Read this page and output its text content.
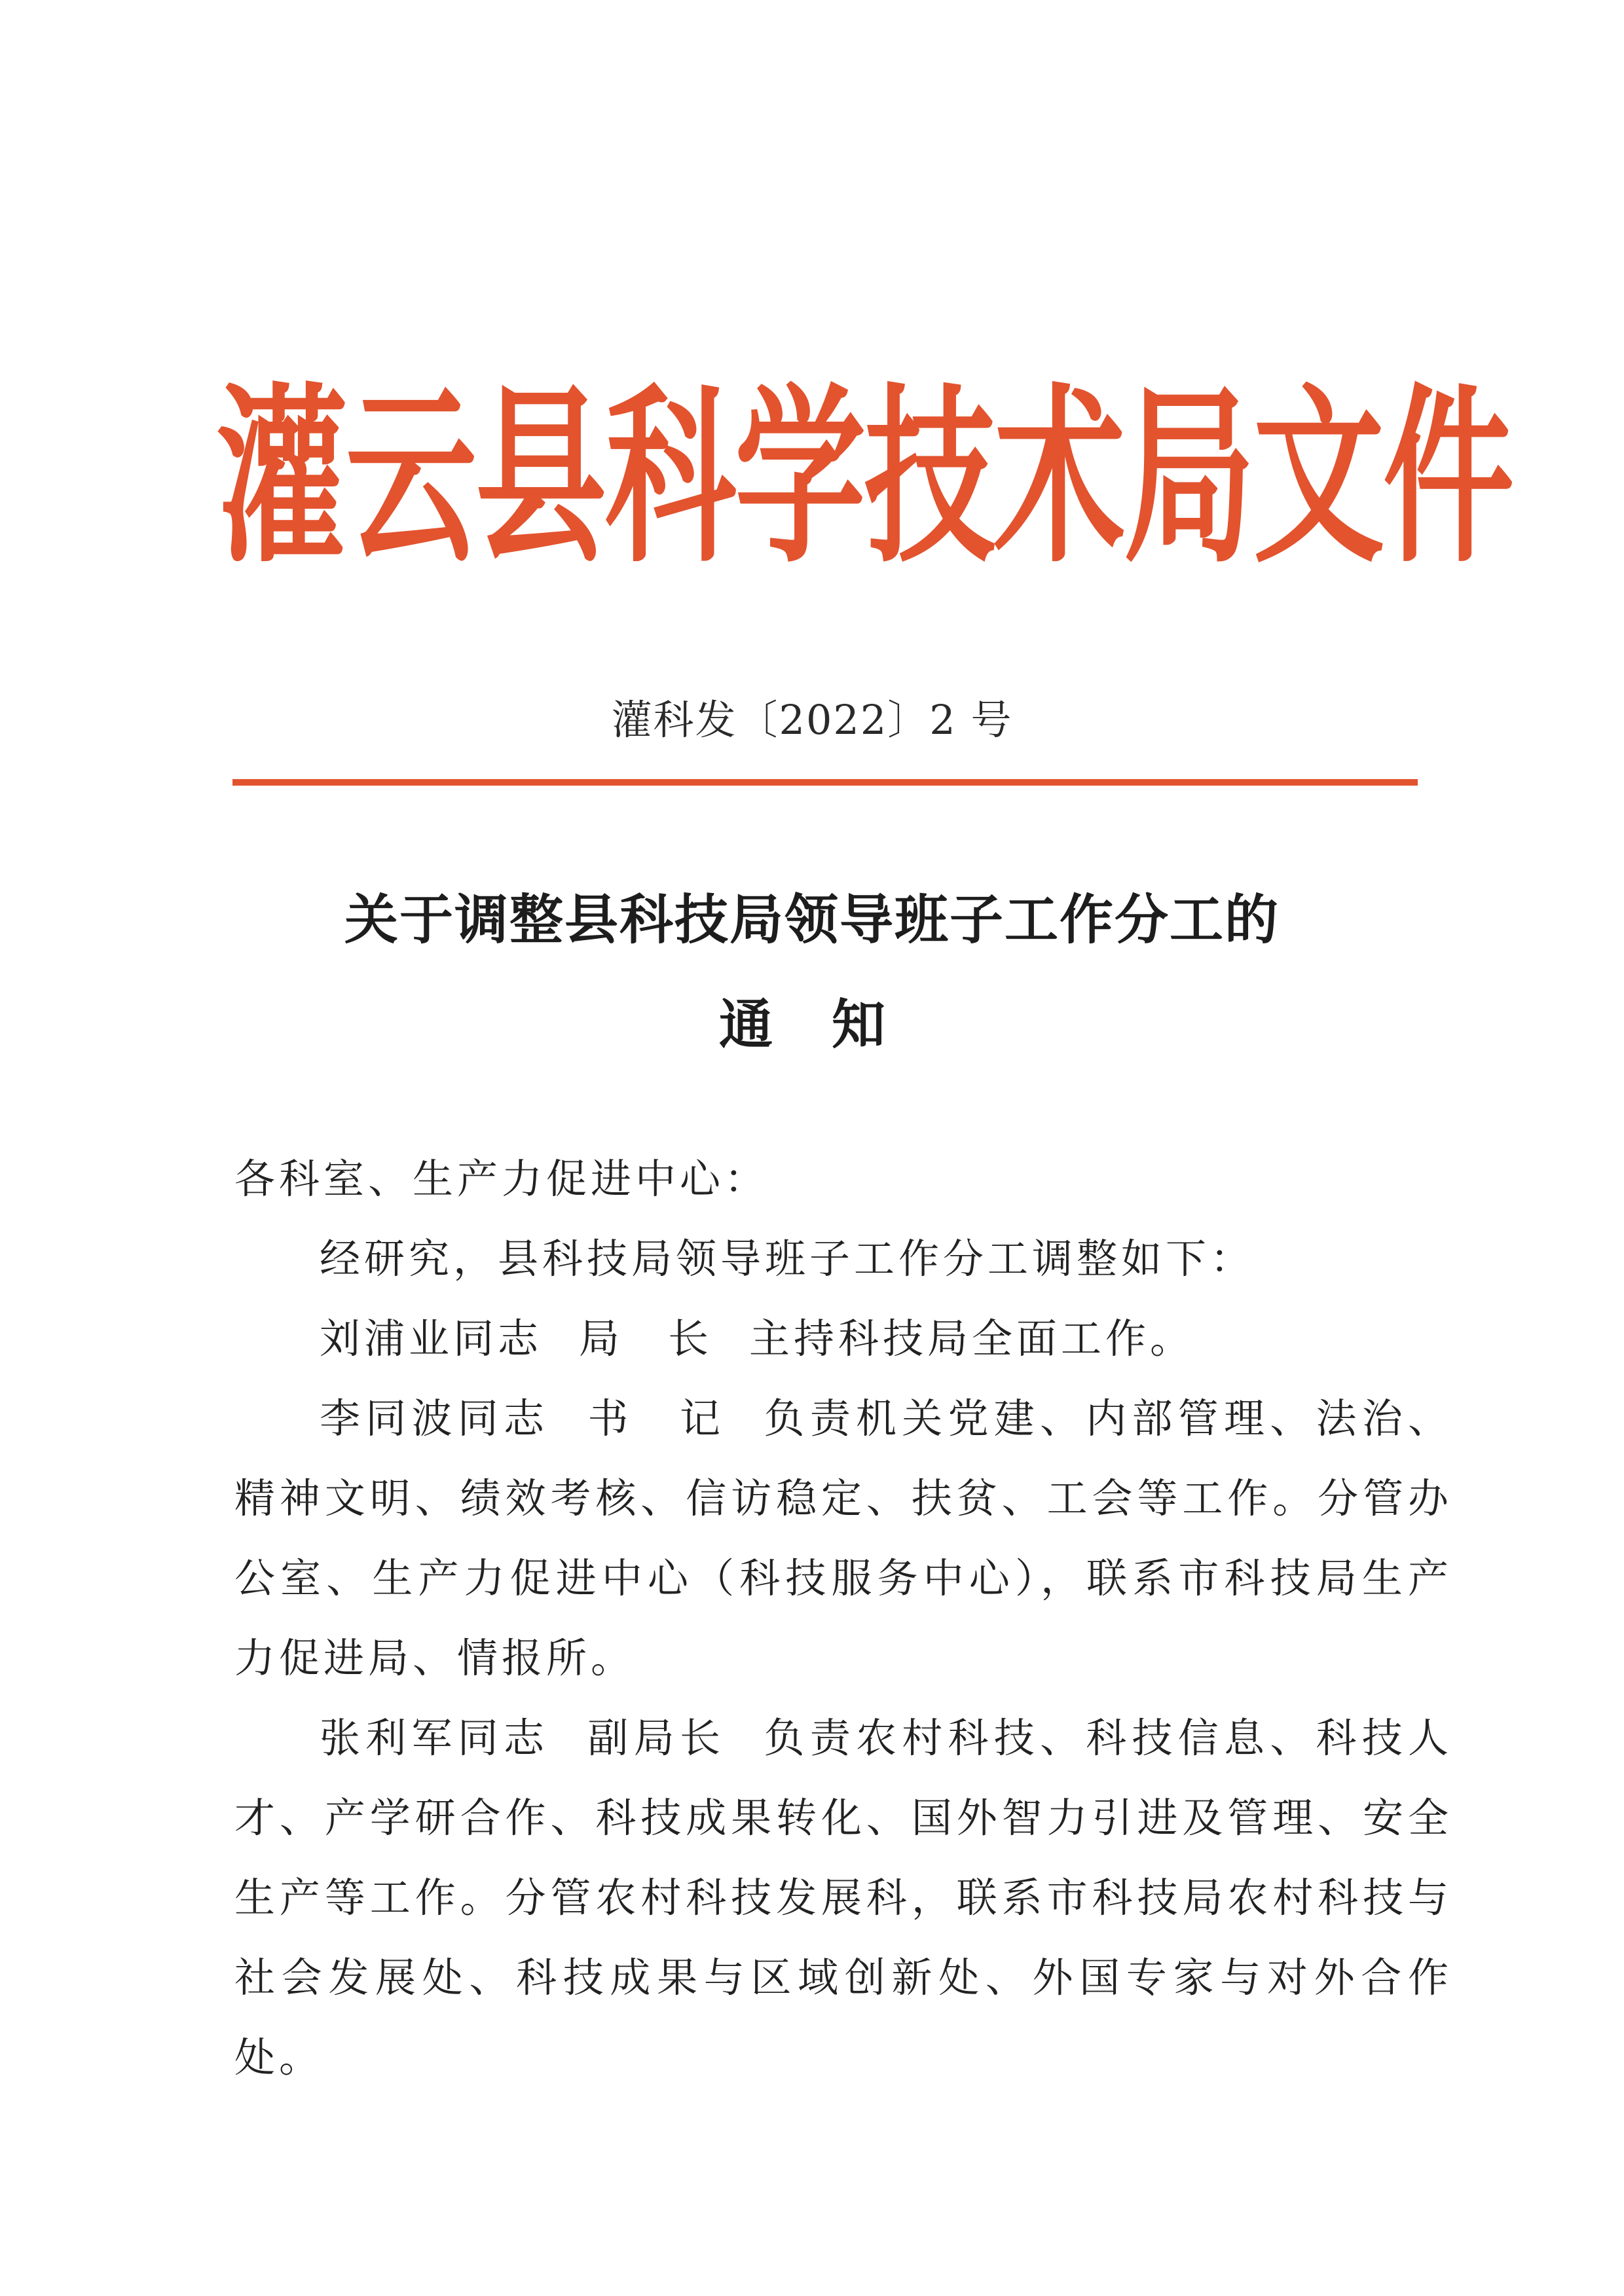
灌云县科学技术局文件
灌科发〔2022〕2 号
关于调整县科技局领导班子工作分工的
通知

各科室、生产力促进中心：

经研究，县科技局领导班子工作分工调整如下：

刘浦业同志 局　长 主持科技局全面工作。

李同波同志 书　记 负责机关党建、内部管理、法治、精神文明、绩效考核、信访稳定、扶贫、工会等工作。分管办公室、生产力促进中心（科技服务中心），联系市科技局生产力促进局、情报所。

张利军同志 副局长 负责农村科技、科技信息、科技人才、产学研合作、科技成果转化、国外智力引进及管理、安全生产等工作。分管农村科技发展科，联系市科技局农村科技与社会发展处、科技成果与区域创新处、外国专家与对外合作处。
